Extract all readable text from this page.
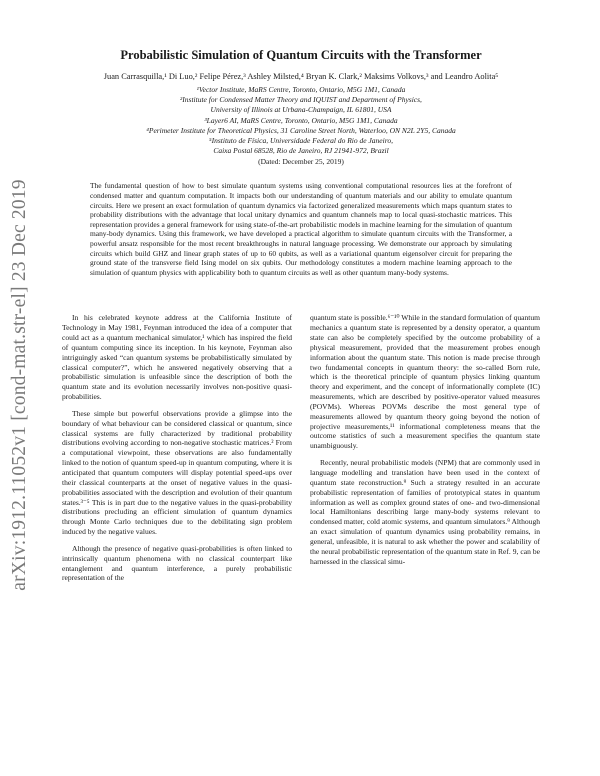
arXiv:1912.11052v1 [cond-mat.str-el] 23 Dec 2019
Probabilistic Simulation of Quantum Circuits with the Transformer
Juan Carrasquilla,¹ Di Luo,² Felipe Pérez,³ Ashley Milsted,⁴ Bryan K. Clark,² Maksims Volkovs,³ and Leandro Aolita⁵
¹Vector Institute, MaRS Centre, Toronto, Ontario, M5G 1M1, Canada
²Institute for Condensed Matter Theory and IQUIST and Department of Physics,
University of Illinois at Urbana-Champaign, IL 61801, USA
³Layer6 AI, MaRS Centre, Toronto, Ontario, M5G 1M1, Canada
⁴Perimeter Institute for Theoretical Physics, 31 Caroline Street North, Waterloo, ON N2L 2Y5, Canada
⁵Instituto de Física, Universidade Federal do Rio de Janeiro,
Caixa Postal 68528, Rio de Janeiro, RJ 21941-972, Brazil
(Dated: December 25, 2019)
The fundamental question of how to best simulate quantum systems using conventional computational resources lies at the forefront of condensed matter and quantum computation. It impacts both our understanding of quantum materials and our ability to emulate quantum circuits. Here we present an exact formulation of quantum dynamics via factorized generalized measurements which maps quantum states to probability distributions with the advantage that local unitary dynamics and quantum channels map to local quasi-stochastic matrices. This representation provides a general framework for using state-of-the-art probabilistic models in machine learning for the simulation of quantum many-body dynamics. Using this framework, we have developed a practical algorithm to simulate quantum circuits with the Transformer, a powerful ansatz responsible for the most recent breakthroughs in natural language processing. We demonstrate our approach by simulating circuits which build GHZ and linear graph states of up to 60 qubits, as well as a variational quantum eigensolver circuit for preparing the ground state of the transverse field Ising model on six qubits. Our methodology constitutes a modern machine learning approach to the simulation of quantum physics with applicability both to quantum circuits as well as other quantum many-body systems.

In his celebrated keynote address at the California Institute of Technology in May 1981, Feynman introduced the idea of a computer that could act as a quantum mechanical simulator,¹ which has inspired the field of quantum computing since its inception. In his keynote, Feynman also intriguingly asked “can quantum systems be probabilistically simulated by classical computer?”, which he answered negatively observing that a probabilistic simulation is unfeasible since the description of both the quantum state and its evolution necessarily involves non-positive quasi-probabilities.

These simple but powerful observations provide a glimpse into the boundary of what behaviour can be considered classical or quantum, since classical systems are fully characterized by traditional probability distributions evolving according to non-negative stochastic matrices.² From a computational viewpoint, these observations are also fundamentally linked to the notion of quantum speed-up in quantum computing, where it is anticipated that quantum computers will display potential speed-ups over their classical counterparts at the onset of negative values in the quasi-probabilities associated with the description and evolution of their quantum states.³⁻⁵ This is in part due to the negative values in the quasi-probability distributions precluding an efficient simulation of quantum dynamics through Monte Carlo techniques due to the debilitating sign problem induced by the negative values.

Although the presence of negative quasi-probabilities is often linked to intrinsically quantum phenomena with no classical counterpart like entanglement and quantum interference, a purely probabilistic representation of the

quantum state is possible.⁶⁻¹⁰ While in the standard formulation of quantum mechanics a quantum state is represented by a density operator, a quantum state can also be completely specified by the outcome probability of a physical measurement, provided that the measurement probes enough information about the quantum state. This notion is made precise through two fundamental concepts in quantum theory: the so-called Born rule, which is the theoretical principle of quantum physics linking quantum theory and experiment, and the concept of informationally complete (IC) measurements, which are described by positive-operator valued measures (POVMs). Whereas POVMs describe the most general type of measurements allowed by quantum theory going beyond the notion of projective measurements,¹¹ informational completeness means that the outcome statistics of such a measurement specifies the quantum state unambiguously.

Recently, neural probabilistic models (NPM) that are commonly used in language modelling and translation have been used in the context of quantum state reconstruction.⁹ Such a strategy resulted in an accurate probabilistic representation of families of prototypical states in quantum information as well as complex ground states of one- and two-dimensional local Hamiltonians describing large many-body systems relevant to condensed matter, cold atomic systems, and quantum simulators.⁹ Although an exact simulation of quantum dynamics using probability remains, in general, unfeasible, it is natural to ask whether the power and scalability of the neural probabilistic representation of the quantum state in Ref. 9, can be harnessed in the classical simu-
